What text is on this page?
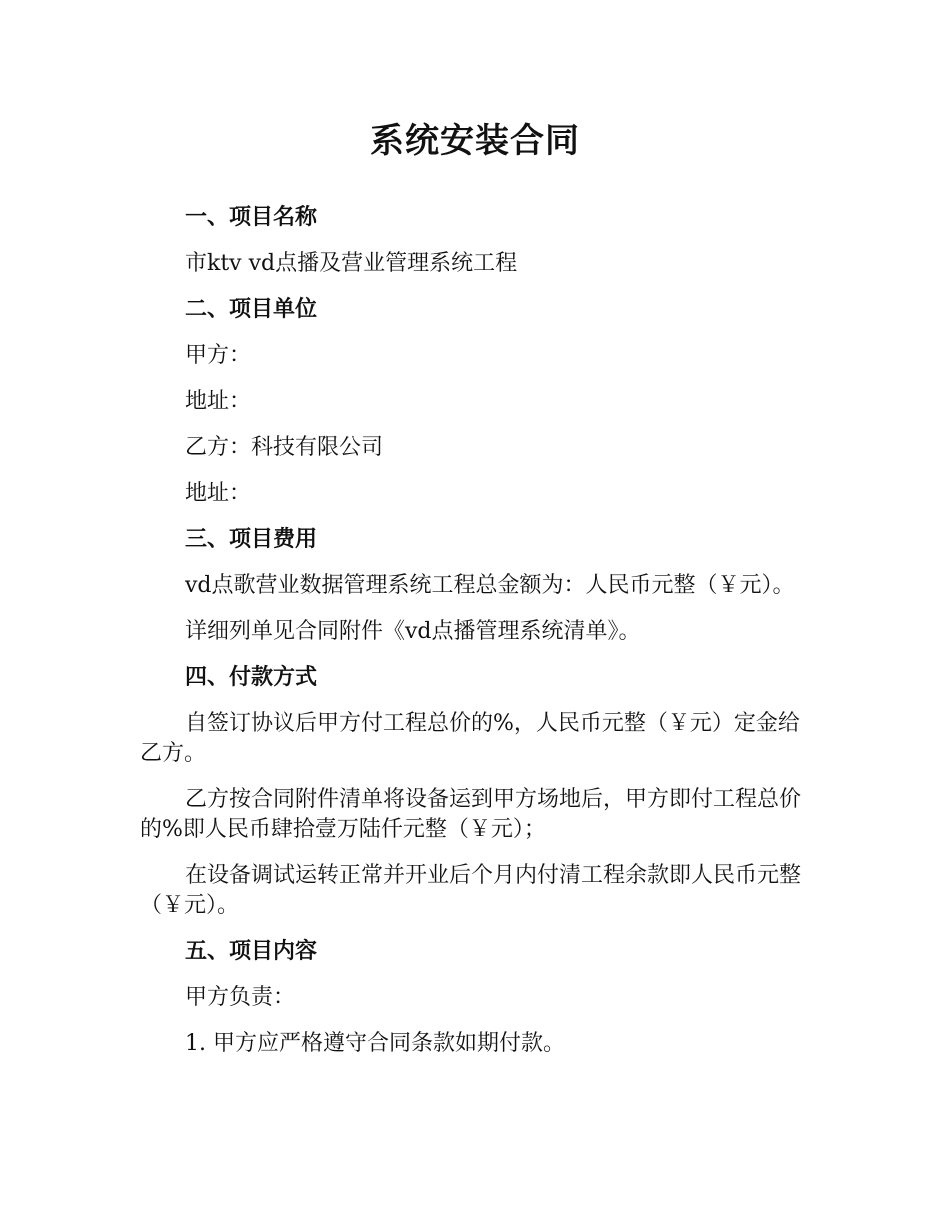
系统安装合同
一、项目名称
市ktv vd点播及营业管理系统工程
二、项目单位
甲方：
地址：
乙方：科技有限公司
地址：
三、项目费用
vd点歌营业数据管理系统工程总金额为：人民币元整（￥元）。
详细列单见合同附件《vd点播管理系统清单》。
四、付款方式
自签订协议后甲方付工程总价的%，人民币元整（￥元）定金给乙方。
乙方按合同附件清单将设备运到甲方场地后，甲方即付工程总价的%即人民币肆拾壹万陆仟元整（￥元）；
在设备调试运转正常并开业后个月内付清工程余款即人民币元整（￥元）。
五、项目内容
甲方负责：
1. 甲方应严格遵守合同条款如期付款。
